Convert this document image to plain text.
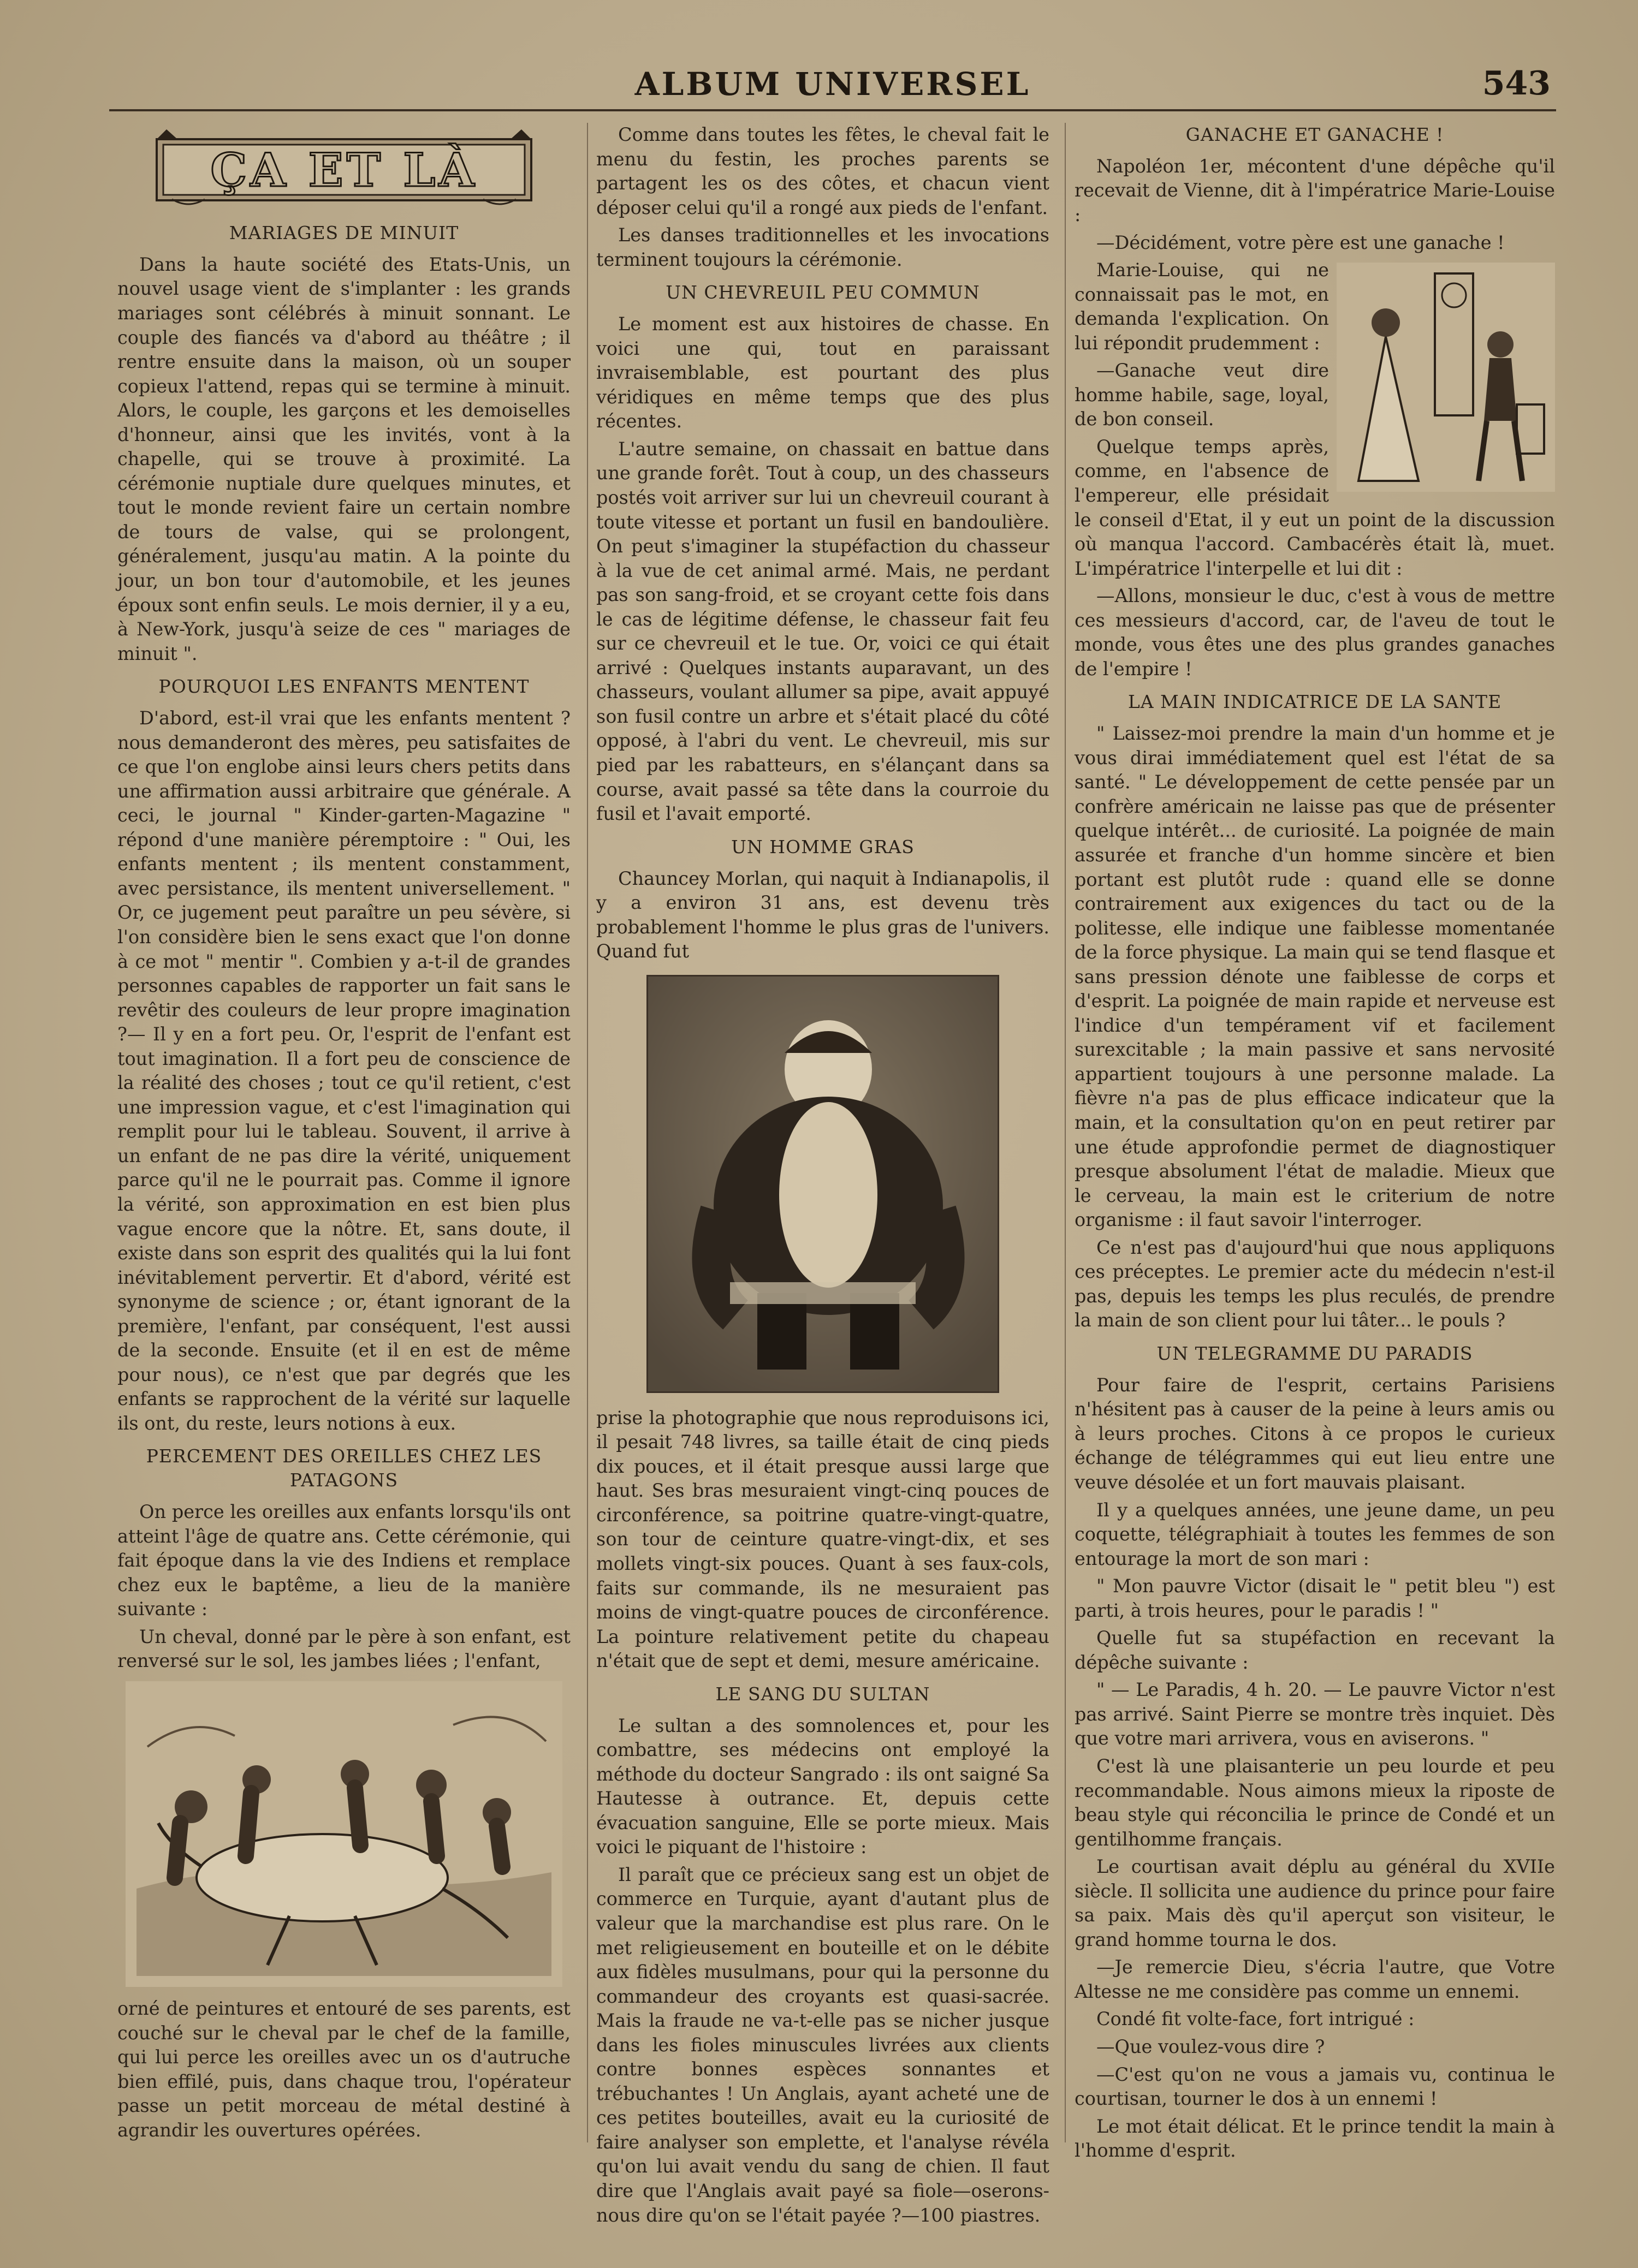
ALBUM UNIVERSEL	543
ÇA ET LÀ
MARIAGES DE MINUIT

Dans la haute société des Etats-Unis, un nouvel usage vient de s'implanter : les grands mariages sont célébrés à minuit sonnant. Le couple des fiancés va d'abord au théâtre ; il rentre ensuite dans la maison, où un souper copieux l'attend, repas qui se termine à minuit. Alors, le couple, les garçons et les demoiselles d'honneur, ainsi que les invités, vont à la chapelle, qui se trouve à proximité. La cérémonie nuptiale dure quelques minutes, et tout le monde revient faire un certain nombre de tours de valse, qui se prolongent, généralement, jusqu'au matin. A la pointe du jour, un bon tour d'automobile, et les jeunes époux sont enfin seuls. Le mois dernier, il y a eu, à New-York, jusqu'à seize de ces " mariages de minuit ".

POURQUOI LES ENFANTS MENTENT

D'abord, est-il vrai que les enfants mentent ? nous demanderont des mères, peu satisfaites de ce que l'on englobe ainsi leurs chers petits dans une affirmation aussi arbitraire que générale. A ceci, le journal " Kinder-garten-Magazine " répond d'une manière péremptoire : " Oui, les enfants mentent ; ils mentent constamment, avec persistance, ils mentent universellement. " Or, ce jugement peut paraître un peu sévère, si l'on considère bien le sens exact que l'on donne à ce mot " mentir ". Combien y a-t-il de grandes personnes capables de rapporter un fait sans le revêtir des couleurs de leur propre imagination ?— Il y en a fort peu. Or, l'esprit de l'enfant est tout imagination. Il a fort peu de conscience de la réalité des choses ; tout ce qu'il retient, c'est une impression vague, et c'est l'imagination qui remplit pour lui le tableau. Souvent, il arrive à un enfant de ne pas dire la vérité, uniquement parce qu'il ne le pourrait pas. Comme il ignore la vérité, son approximation en est bien plus vague encore que la nôtre. Et, sans doute, il existe dans son esprit des qualités qui la lui font inévitablement pervertir. Et d'abord, vérité est synonyme de science ; or, étant ignorant de la première, l'enfant, par conséquent, l'est aussi de la seconde. Ensuite (et il en est de même pour nous), ce n'est que par degrés que les enfants se rapprochent de la vérité sur laquelle ils ont, du reste, leurs notions à eux.

PERCEMENT DES OREILLES CHEZ LES PATAGONS

On perce les oreilles aux enfants lorsqu'ils ont atteint l'âge de quatre ans. Cette cérémonie, qui fait époque dans la vie des Indiens et remplace chez eux le baptême, a lieu de la manière suivante :

Un cheval, donné par le père à son enfant, est renversé sur le sol, les jambes liées ; l'enfant,

orné de peintures et entouré de ses parents, est couché sur le cheval par le chef de la famille, qui lui perce les oreilles avec un os d'autruche bien effilé, puis, dans chaque trou, l'opérateur passe un petit morceau de métal destiné à agrandir les ouvertures opérées.

Comme dans toutes les fêtes, le cheval fait le menu du festin, les proches parents se partagent les os des côtes, et chacun vient déposer celui qu'il a rongé aux pieds de l'enfant.

Les danses traditionnelles et les invocations terminent toujours la cérémonie.

UN CHEVREUIL PEU COMMUN

Le moment est aux histoires de chasse. En voici une qui, tout en paraissant invraisemblable, est pourtant des plus véridiques en même temps que des plus récentes.

L'autre semaine, on chassait en battue dans une grande forêt. Tout à coup, un des chasseurs postés voit arriver sur lui un chevreuil courant à toute vitesse et portant un fusil en bandoulière. On peut s'imaginer la stupéfaction du chasseur à la vue de cet animal armé. Mais, ne perdant pas son sang-froid, et se croyant cette fois dans le cas de légitime défense, le chasseur fait feu sur ce chevreuil et le tue. Or, voici ce qui était arrivé : Quelques instants auparavant, un des chasseurs, voulant allumer sa pipe, avait appuyé son fusil contre un arbre et s'était placé du côté opposé, à l'abri du vent. Le chevreuil, mis sur pied par les rabatteurs, en s'élançant dans sa course, avait passé sa tête dans la courroie du fusil et l'avait emporté.

UN HOMME GRAS

Chauncey Morlan, qui naquit à Indianapolis, il y a environ 31 ans, est devenu très probablement l'homme le plus gras de l'univers. Quand fut

prise la photographie que nous reproduisons ici, il pesait 748 livres, sa taille était de cinq pieds dix pouces, et il était presque aussi large que haut. Ses bras mesuraient vingt-cinq pouces de circonférence, sa poitrine quatre-vingt-quatre, son tour de ceinture quatre-vingt-dix, et ses mollets vingt-six pouces. Quant à ses faux-cols, faits sur commande, ils ne mesuraient pas moins de vingt-quatre pouces de circonférence. La pointure relativement petite du chapeau n'était que de sept et demi, mesure américaine.

LE SANG DU SULTAN

Le sultan a des somnolences et, pour les combattre, ses médecins ont employé la méthode du docteur Sangrado : ils ont saigné Sa Hautesse à outrance. Et, depuis cette évacuation sanguine, Elle se porte mieux. Mais voici le piquant de l'histoire :

Il paraît que ce précieux sang est un objet de commerce en Turquie, ayant d'autant plus de valeur que la marchandise est plus rare. On le met religieusement en bouteille et on le débite aux fidèles musulmans, pour qui la personne du commandeur des croyants est quasi-sacrée. Mais la fraude ne va-t-elle pas se nicher jusque dans les fioles minuscules livrées aux clients contre bonnes espèces sonnantes et trébuchantes ! Un Anglais, ayant acheté une de ces petites bouteilles, avait eu la curiosité de faire analyser son emplette, et l'analyse révéla qu'on lui avait vendu du sang de chien. Il faut dire que l'Anglais avait payé sa fiole—oserons-nous dire qu'on se l'était payée ?—100 piastres.

GANACHE ET GANACHE !

Napoléon 1er, mécontent d'une dépêche qu'il recevait de Vienne, dit à l'impératrice Marie-Louise :

—Décidément, votre père est une ganache !

Marie-Louise, qui ne connaissait pas le mot, en demanda l'explication. On lui répondit prudemment :

—Ganache veut dire homme habile, sage, loyal, de bon conseil.

Quelque temps après, comme, en l'absence de l'empereur, elle présidait le conseil d'Etat, il y eut un point de la discussion où manqua l'accord. Cambacérès était là, muet. L'impératrice l'interpelle et lui dit :

—Allons, monsieur le duc, c'est à vous de mettre ces messieurs d'accord, car, de l'aveu de tout le monde, vous êtes une des plus grandes ganaches de l'empire !

LA MAIN INDICATRICE DE LA SANTE

" Laissez-moi prendre la main d'un homme et je vous dirai immédiatement quel est l'état de sa santé. " Le développement de cette pensée par un confrère américain ne laisse pas que de présenter quelque intérêt... de curiosité. La poignée de main assurée et franche d'un homme sincère et bien portant est plutôt rude : quand elle se donne contrairement aux exigences du tact ou de la politesse, elle indique une faiblesse momentanée de la force physique. La main qui se tend flasque et sans pression dénote une faiblesse de corps et d'esprit. La poignée de main rapide et nerveuse est l'indice d'un tempérament vif et facilement surexcitable ; la main passive et sans nervosité appartient toujours à une personne malade. La fièvre n'a pas de plus efficace indicateur que la main, et la consultation qu'on en peut retirer par une étude approfondie permet de diagnostiquer presque absolument l'état de maladie. Mieux que le cerveau, la main est le criterium de notre organisme : il faut savoir l'interroger.

Ce n'est pas d'aujourd'hui que nous appliquons ces préceptes. Le premier acte du médecin n'est-il pas, depuis les temps les plus reculés, de prendre la main de son client pour lui tâter... le pouls ?

UN TELEGRAMME DU PARADIS

Pour faire de l'esprit, certains Parisiens n'hésitent pas à causer de la peine à leurs amis ou à leurs proches. Citons à ce propos le curieux échange de télégrammes qui eut lieu entre une veuve désolée et un fort mauvais plaisant.

Il y a quelques années, une jeune dame, un peu coquette, télégraphiait à toutes les femmes de son entourage la mort de son mari :

" Mon pauvre Victor (disait le " petit bleu ") est parti, à trois heures, pour le paradis ! "

Quelle fut sa stupéfaction en recevant la dépêche suivante :

" — Le Paradis, 4 h. 20. — Le pauvre Victor n'est pas arrivé. Saint Pierre se montre très inquiet. Dès que votre mari arrivera, vous en aviserons. "

C'est là une plaisanterie un peu lourde et peu recommandable. Nous aimons mieux la riposte de beau style qui réconcilia le prince de Condé et un gentilhomme français.

Le courtisan avait déplu au général du XVIIe siècle. Il sollicita une audience du prince pour faire sa paix. Mais dès qu'il aperçut son visiteur, le grand homme tourna le dos.

—Je remercie Dieu, s'écria l'autre, que Votre Altesse ne me considère pas comme un ennemi.

Condé fit volte-face, fort intrigué :

—Que voulez-vous dire ?

—C'est qu'on ne vous a jamais vu, continua le courtisan, tourner le dos à un ennemi !

Le mot était délicat. Et le prince tendit la main à l'homme d'esprit.
